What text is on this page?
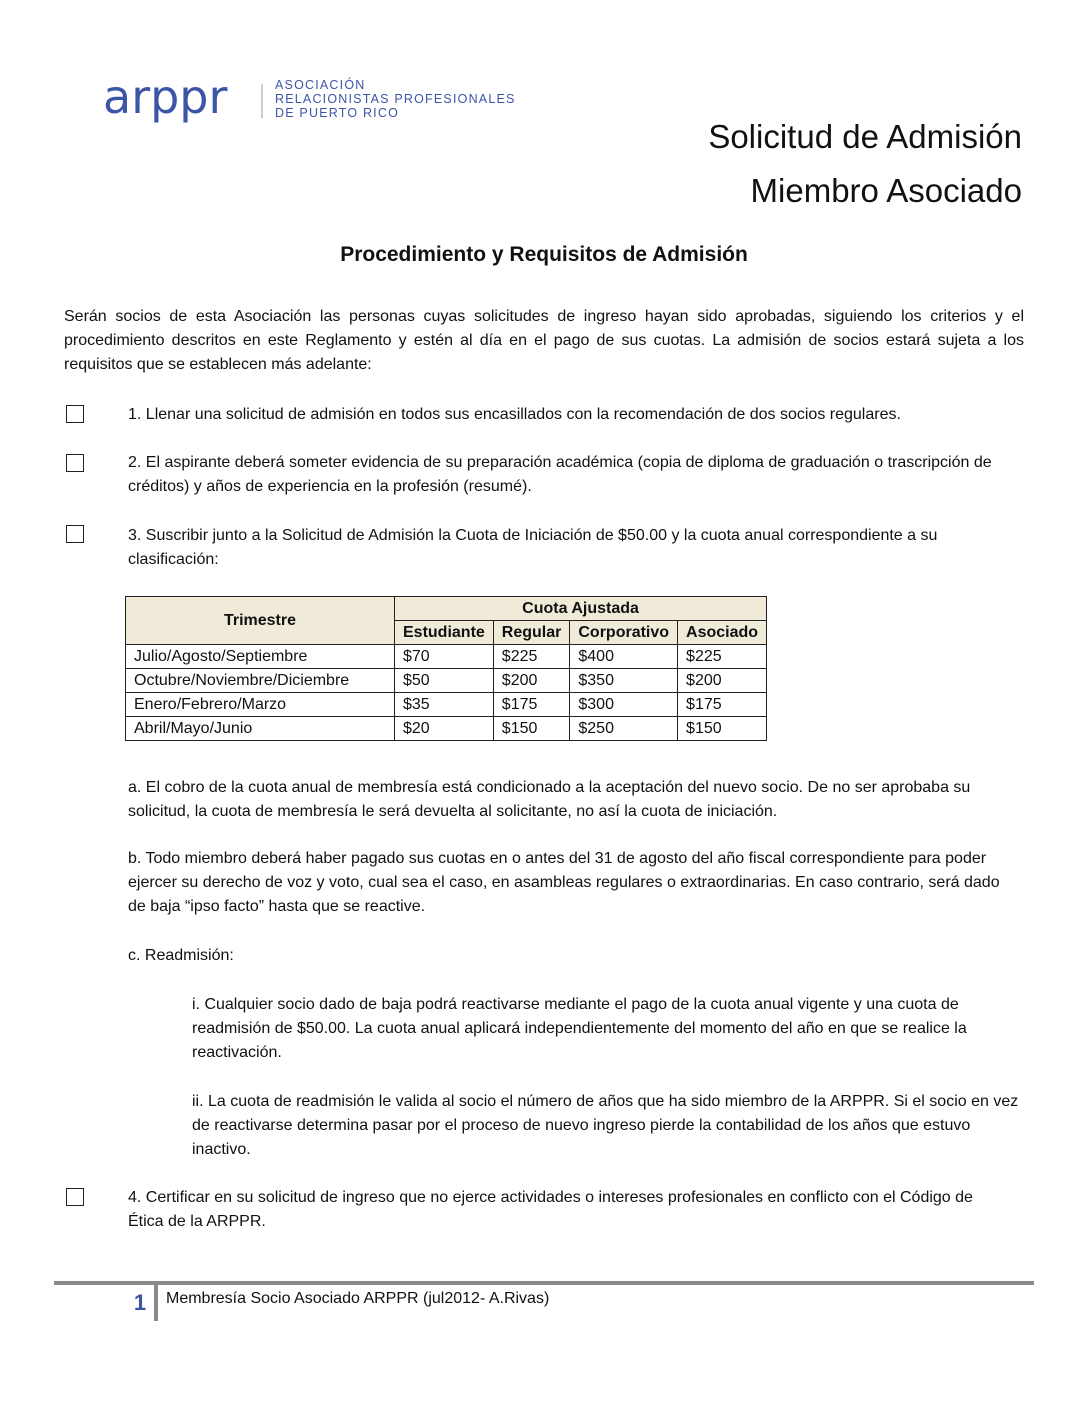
arppr	ASOCIACIÓN
RELACIONISTAS PROFESIONALES
DE PUERTO RICO
Solicitud de Admisión
Miembro Asociado
Procedimiento y Requisitos de Admisión
Serán socios de esta Asociación las personas cuyas solicitudes de ingreso hayan sido aprobadas, siguiendo los criterios y el procedimiento descritos en este Reglamento y estén al día en el pago de sus cuotas. La admisión de socios estará sujeta a los requisitos que se establecen más adelante:
1. Llenar una solicitud de admisión en todos sus encasillados con la recomendación de dos socios regulares.
2. El aspirante deberá someter evidencia de su preparación académica (copia de diploma de graduación o trascripción de créditos) y años de experiencia en la profesión (resumé).
3. Suscribir junto a la Solicitud de Admisión la Cuota de Iniciación de $50.00 y la cuota anual correspondiente a su clasificación:
Trimestre	Cuota Ajustada			
	Estudiante	Regular	Corporativo	Asociado
Julio/Agosto/Septiembre	$70	$225	$400	$225
Octubre/Noviembre/Diciembre	$50	$200	$350	$200
Enero/Febrero/Marzo	$35	$175	$300	$175
Abril/Mayo/Junio	$20	$150	$250	$150
a. El cobro de la cuota anual de membresía está condicionado a la aceptación del nuevo socio. De no ser aprobaba su solicitud, la cuota de membresía le será devuelta al solicitante, no así la cuota de iniciación.
b. Todo miembro deberá haber pagado sus cuotas en o antes del 31 de agosto del año fiscal correspondiente para poder ejercer su derecho de voz y voto, cual sea el caso, en asambleas regulares o extraordinarias. En caso contrario, será dado de baja “ipso facto” hasta que se reactive.
c. Readmisión:
i. Cualquier socio dado de baja podrá reactivarse mediante el pago de la cuota anual vigente y una cuota de readmisión de $50.00. La cuota anual aplicará independientemente del momento del año en que se realice la reactivación.
ii. La cuota de readmisión le valida al socio el número de años que ha sido miembro de la ARPPR. Si el socio en vez de reactivarse determina pasar por el proceso de nuevo ingreso pierde la contabilidad de los años que estuvo inactivo.
4. Certificar en su solicitud de ingreso que no ejerce actividades o intereses profesionales en conflicto con el Código de Ética de la ARPPR.
1	Membresía Socio Asociado ARPPR (jul2012- A.Rivas)
